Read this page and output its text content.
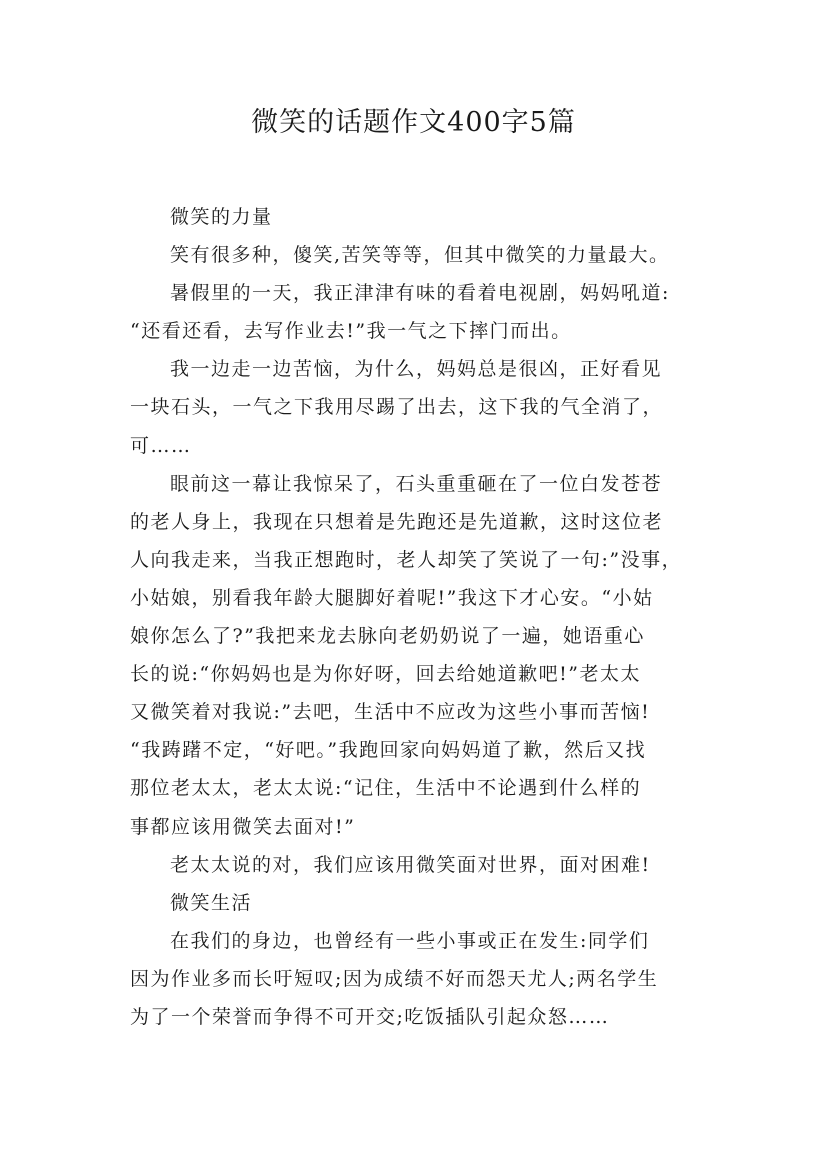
微笑的话题作文400字5篇
微笑的力量
笑有很多种，傻笑,苦笑等等，但其中微笑的力量最大。
暑假里的一天，我正津津有味的看着电视剧，妈妈吼道:
“还看还看，去写作业去!”我一气之下摔门而出。
我一边走一边苦恼，为什么，妈妈总是很凶，正好看见
一块石头，一气之下我用尽踢了出去，这下我的气全消了，
可……
眼前这一幕让我惊呆了，石头重重砸在了一位白发苍苍
的老人身上，我现在只想着是先跑还是先道歉，这时这位老
人向我走来，当我正想跑时，老人却笑了笑说了一句:”没事，
小姑娘，别看我年龄大腿脚好着呢!”我这下才心安。“小姑
娘你怎么了?”我把来龙去脉向老奶奶说了一遍，她语重心
长的说:“你妈妈也是为你好呀，回去给她道歉吧!”老太太
又微笑着对我说:”去吧，生活中不应改为这些小事而苦恼!
“我踌躇不定，“好吧。”我跑回家向妈妈道了歉，然后又找
那位老太太，老太太说:“记住，生活中不论遇到什么样的
事都应该用微笑去面对!”
老太太说的对，我们应该用微笑面对世界，面对困难!
微笑生活
在我们的身边，也曾经有一些小事或正在发生:同学们
因为作业多而长吁短叹;因为成绩不好而怨天尤人;两名学生
为了一个荣誉而争得不可开交;吃饭插队引起众怒……
